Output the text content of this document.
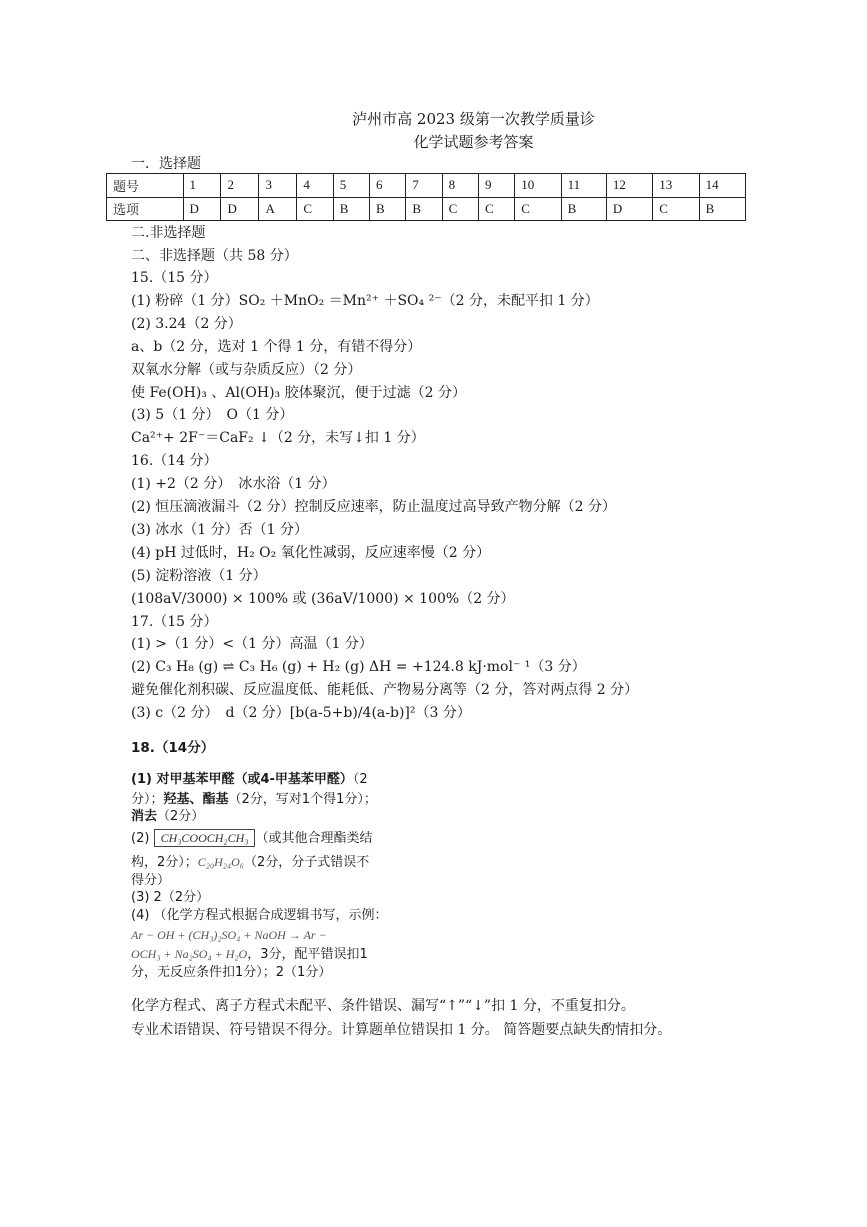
泸州市高 2023 级第一次教学质量诊
化学试题参考答案
一．选择题
题号	1	2	3	4	5	6	7	8	9	10	11	12	13	14
选项	D	D	A	C	B	B	B	C	C	C	B	D	C	B
二.非选择题
二、非选择题（共 58 分）
15.（15 分）
(1) 粉碎（1 分）SO₂ ＋MnO₂ ＝Mn²⁺ ＋SO₄ ²⁻（2 分，未配平扣 1 分）
(2) 3.24（2 分）
a、b（2 分，选对 1 个得 1 分，有错不得分）
双氧水分解（或与杂质反应）（2 分）
使 Fe(OH)₃ 、Al(OH)₃ 胶体聚沉，便于过滤（2 分）
(3) 5（1 分）　O（1 分）
Ca²⁺+ 2F⁻＝CaF₂ ↓（2 分，未写↓扣 1 分）
16.（14 分）
(1) +2（2 分）　冰水浴（1 分）
(2) 恒压滴液漏斗（2 分）控制反应速率，防止温度过高导致产物分解（2 分）
(3) 冰水（1 分）否（1 分）
(4) pH 过低时，H₂ O₂ 氧化性减弱，反应速率慢（2 分）
(5) 淀粉溶液（1 分）
(108aV/3000) × 100% 或 (36aV/1000) × 100%（2 分）
17.（15 分）
(1) >（1 分）<（1 分）高温（1 分）
(2) C₃ H₈ (g) ⇌ C₃ H₆ (g) + H₂ (g) ΔH = +124.8 kJ·mol⁻ ¹（3 分）
避免催化剂积碳、反应温度低、能耗低、产物易分离等（2 分，答对两点得 2 分）
(3) c（2 分）　d（2 分）[b(a-5+b)/4(a-b)]²（3 分）
18.（14分）
(1) 对甲基苯甲醛（或4-甲基苯甲醛）（2
分）；羟基、酯基（2分，写对1个得1分）；
消去（2分）
(2) CH₃COOCH₂CH₃ （或其他合理酯类结
构，2分）；C₂₀H₂₄O₆（2分，分子式错误不
得分）
(3) 2（2分）
(4) （化学方程式根据合成逻辑书写，示例：
Ar − OH + (CH₃)₂SO₄ + NaOH → Ar −
OCH₃ + Na₂SO₄ + H₂O，3分，配平错误扣1
分，无反应条件扣1分）；2（1分）
化学方程式、离子方程式未配平、条件错误、漏写“↑”“↓”扣 1 分，不重复扣分。
专业术语错误、符号错误不得分。计算题单位错误扣 1 分。 简答题要点缺失酌情扣分。
